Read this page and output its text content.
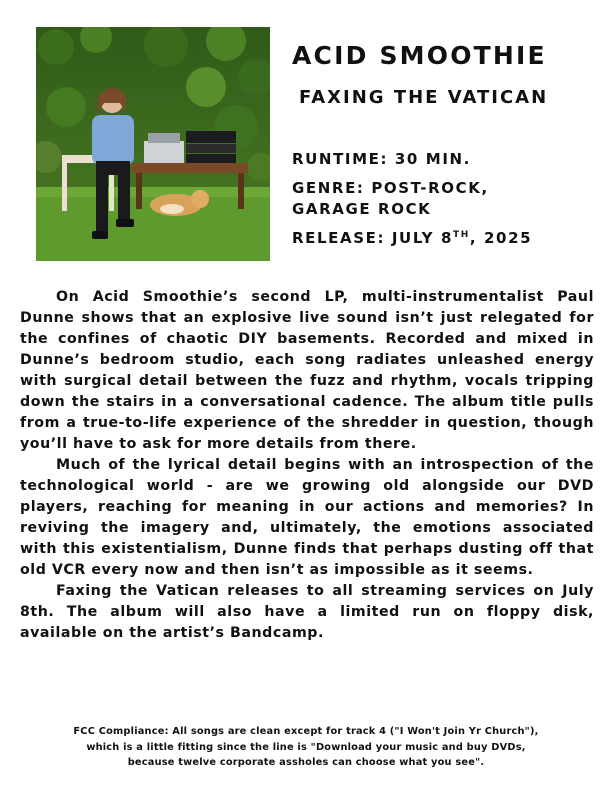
ACID SMOOTHIE
FAXING THE VATICAN
RUNTIME: 30 MIN.
GENRE: POST-ROCK,
GARAGE ROCK
RELEASE: JULY 8TH, 2025

On Acid Smoothie’s second LP, multi-instrumentalist Paul Dunne shows that an explosive live sound isn’t just relegated for the confines of chaotic DIY basements. Recorded and mixed in Dunne’s bedroom studio, each song radiates unleashed energy with surgical detail between the fuzz and rhythm, vocals tripping down the stairs in a conversational cadence. The album title pulls from a true-to-life experience of the shredder in question, though you’ll have to ask for more details from there.

Much of the lyrical detail begins with an introspection of the technological world - are we growing old alongside our DVD players, reaching for meaning in our actions and memories? In reviving the imagery and, ultimately, the emotions associated with this existentialism, Dunne finds that perhaps dusting off that old VCR every now and then isn’t as impossible as it seems.

Faxing the Vatican releases to all streaming services on July 8th. The album will also have a limited run on floppy disk, available on the artist’s Bandcamp.

FCC Compliance: All songs are clean except for track 4 ("I Won't Join Yr Church"),
which is a little fitting since the line is "Download your music and buy DVDs,
because twelve corporate assholes can choose what you see".
